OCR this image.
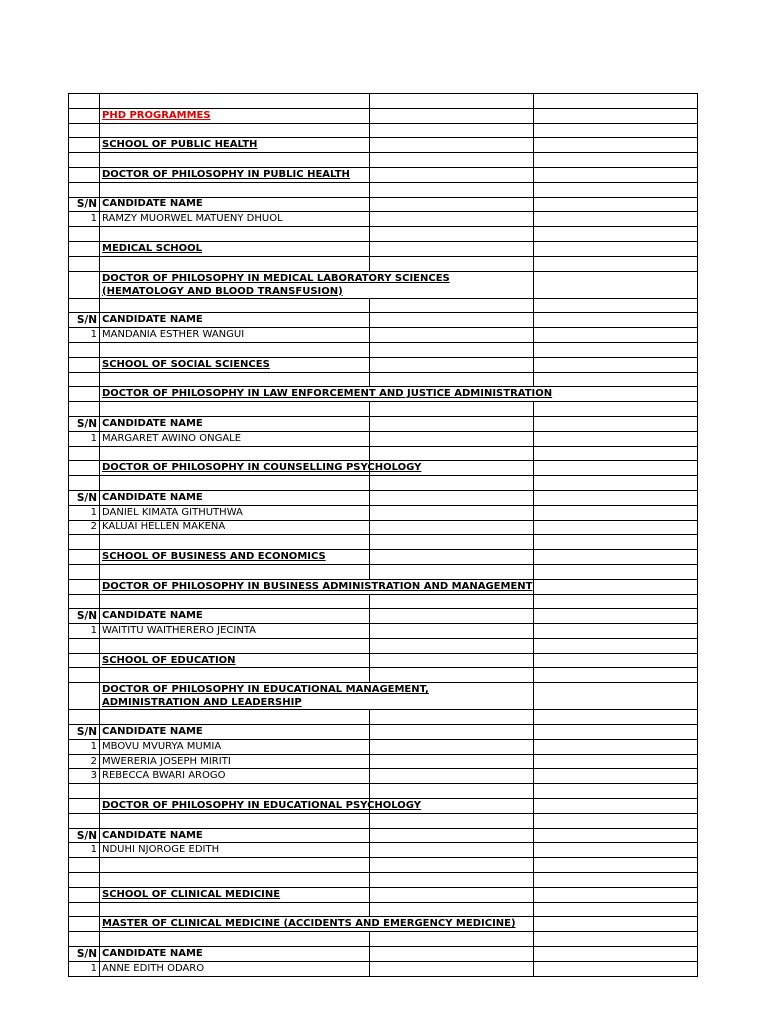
	PHD PROGRAMMES		

	SCHOOL OF PUBLIC HEALTH		

	DOCTOR OF PHILOSOPHY IN PUBLIC HEALTH		

S/N	CANDIDATE NAME		
1	RAMZY MUORWEL MATUENY DHUOL		

	MEDICAL SCHOOL		

	DOCTOR OF PHILOSOPHY IN MEDICAL LABORATORY SCIENCES
(HEMATOLOGY AND BLOOD TRANSFUSION)		

S/N	CANDIDATE NAME		
1	MANDANIA ESTHER WANGUI		

	SCHOOL OF SOCIAL SCIENCES		

	DOCTOR OF PHILOSOPHY IN LAW ENFORCEMENT AND JUSTICE ADMINISTRATION		

S/N	CANDIDATE NAME		
1	MARGARET AWINO ONGALE		

	DOCTOR OF PHILOSOPHY IN COUNSELLING PSYCHOLOGY		

S/N	CANDIDATE NAME		
1	DANIEL KIMATA GITHUTHWA		
2	KALUAI HELLEN MAKENA		

	SCHOOL OF BUSINESS AND ECONOMICS		

	DOCTOR OF PHILOSOPHY IN BUSINESS ADMINISTRATION AND MANAGEMENT		

S/N	CANDIDATE NAME		
1	WAITITU WAITHERERO JECINTA		

	SCHOOL OF EDUCATION		

	DOCTOR OF PHILOSOPHY IN EDUCATIONAL MANAGEMENT,
ADMINISTRATION AND LEADERSHIP		

S/N	CANDIDATE NAME		
1	MBOVU MVURYA MUMIA		
2	MWERERIA JOSEPH MIRITI		
3	REBECCA BWARI AROGO		

	DOCTOR OF PHILOSOPHY IN EDUCATIONAL PSYCHOLOGY		

S/N	CANDIDATE NAME		
1	NDUHI NJOROGE EDITH		

	SCHOOL OF CLINICAL MEDICINE		

	MASTER OF CLINICAL MEDICINE (ACCIDENTS AND EMERGENCY MEDICINE)		

S/N	CANDIDATE NAME		
1	ANNE EDITH ODARO		
